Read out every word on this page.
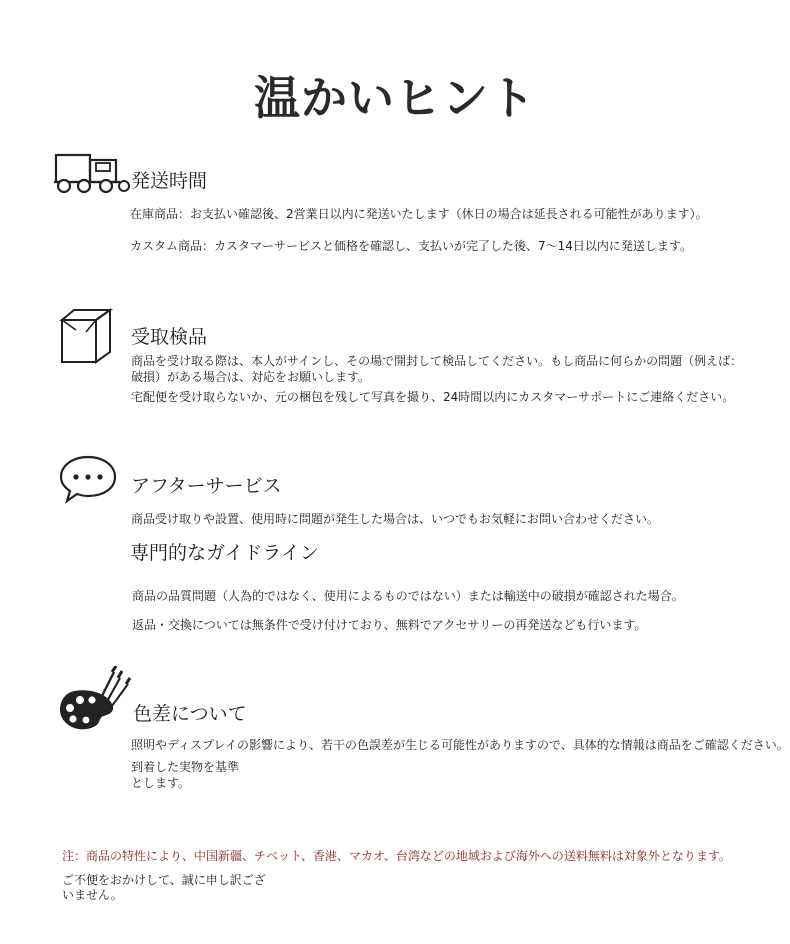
温かいヒント
発送時間
在庫商品：お支払い確認後、2営業日以内に発送いたします（休日の場合は延長される可能性があります）。
カスタム商品：カスタマーサービスと価格を確認し、支払いが完了した後、7〜14日以内に発送します。
受取検品
商品を受け取る際は、本人がサインし、その場で開封して検品してください。もし商品に何らかの問題（例えば：
破損）がある場合は、対応をお願いします。
宅配便を受け取らないか、元の梱包を残して写真を撮り、24時間以内にカスタマーサポートにご連絡ください。
アフターサービス
商品受け取りや設置、使用時に問題が発生した場合は、いつでもお気軽にお問い合わせください。
専門的なガイドライン
商品の品質問題（人為的ではなく、使用によるものではない）または輸送中の破損が確認された場合。
返品・交換については無条件で受け付けており、無料でアクセサリーの再発送なども行います。
色差について
照明やディスプレイの影響により、若干の色誤差が生じる可能性がありますので、具体的な情報は商品をご確認ください。
到着した実物を基準
とします。
注：商品の特性により、中国新疆、チベット、香港、マカオ、台湾などの地域および海外への送料無料は対象外となります。
ご不便をおかけして、誠に申し訳ござ
いません。
